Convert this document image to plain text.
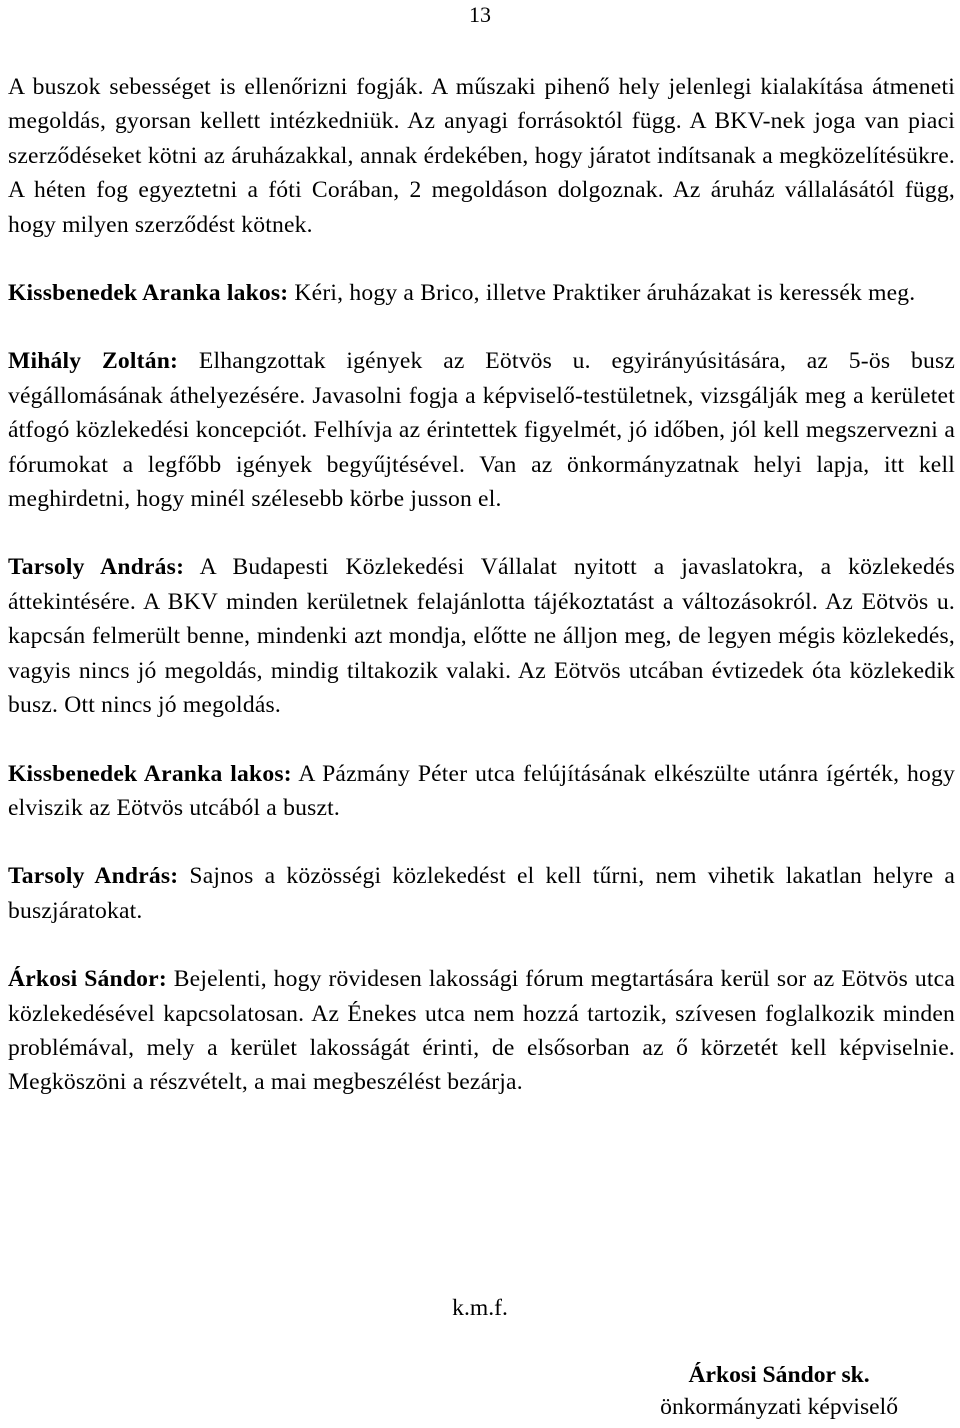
13

A buszok sebességet is ellenőrizni fogják. A műszaki pihenő hely jelenlegi kialakítása átmeneti megoldás, gyorsan kellett intézkedniük. Az anyagi forrásoktól függ. A BKV-nek joga van piaci szerződéseket kötni az áruházakkal, annak érdekében, hogy járatot indítsanak a megközelítésükre. A héten fog egyeztetni a fóti Corában, 2 megoldáson dolgoznak. Az áruház vállalásától függ, hogy milyen szerződést kötnek.

Kissbenedek Aranka lakos: Kéri, hogy a Brico, illetve Praktiker áruházakat is keressék meg.

Mihály Zoltán: Elhangzottak igények az Eötvös u. egyirányúsitására, az 5-ös busz végállomásának áthelyezésére. Javasolni fogja a képviselő-testületnek, vizsgálják meg a kerületet átfogó közlekedési koncepciót. Felhívja az érintettek figyelmét, jó időben, jól kell megszervezni a fórumokat a legfőbb igények begyűjtésével. Van az önkormányzatnak helyi lapja, itt kell meghirdetni, hogy minél szélesebb körbe jusson el.

Tarsoly András: A Budapesti Közlekedési Vállalat nyitott a javaslatokra, a közlekedés áttekintésére. A BKV minden kerületnek felajánlotta tájékoztatást a változásokról. Az Eötvös u. kapcsán felmerült benne, mindenki azt mondja, előtte ne álljon meg, de legyen mégis közlekedés, vagyis nincs jó megoldás, mindig tiltakozik valaki. Az Eötvös utcában évtizedek óta közlekedik busz. Ott nincs jó megoldás.

Kissbenedek Aranka lakos: A Pázmány Péter utca felújításának elkészülte utánra ígérték, hogy elviszik az Eötvös utcából a buszt.

Tarsoly András: Sajnos a közösségi közlekedést el kell tűrni, nem vihetik lakatlan helyre a buszjáratokat.

Árkosi Sándor: Bejelenti, hogy rövidesen lakossági fórum megtartására kerül sor az Eötvös utca közlekedésével kapcsolatosan. Az Énekes utca nem hozzá tartozik, szívesen foglalkozik minden problémával, mely a kerület lakosságát érinti, de elsősorban az ő körzetét kell képviselnie. Megköszöni a részvételt, a mai megbeszélést bezárja.

k.m.f.
Árkosi Sándor sk.
önkormányzati képviselő
